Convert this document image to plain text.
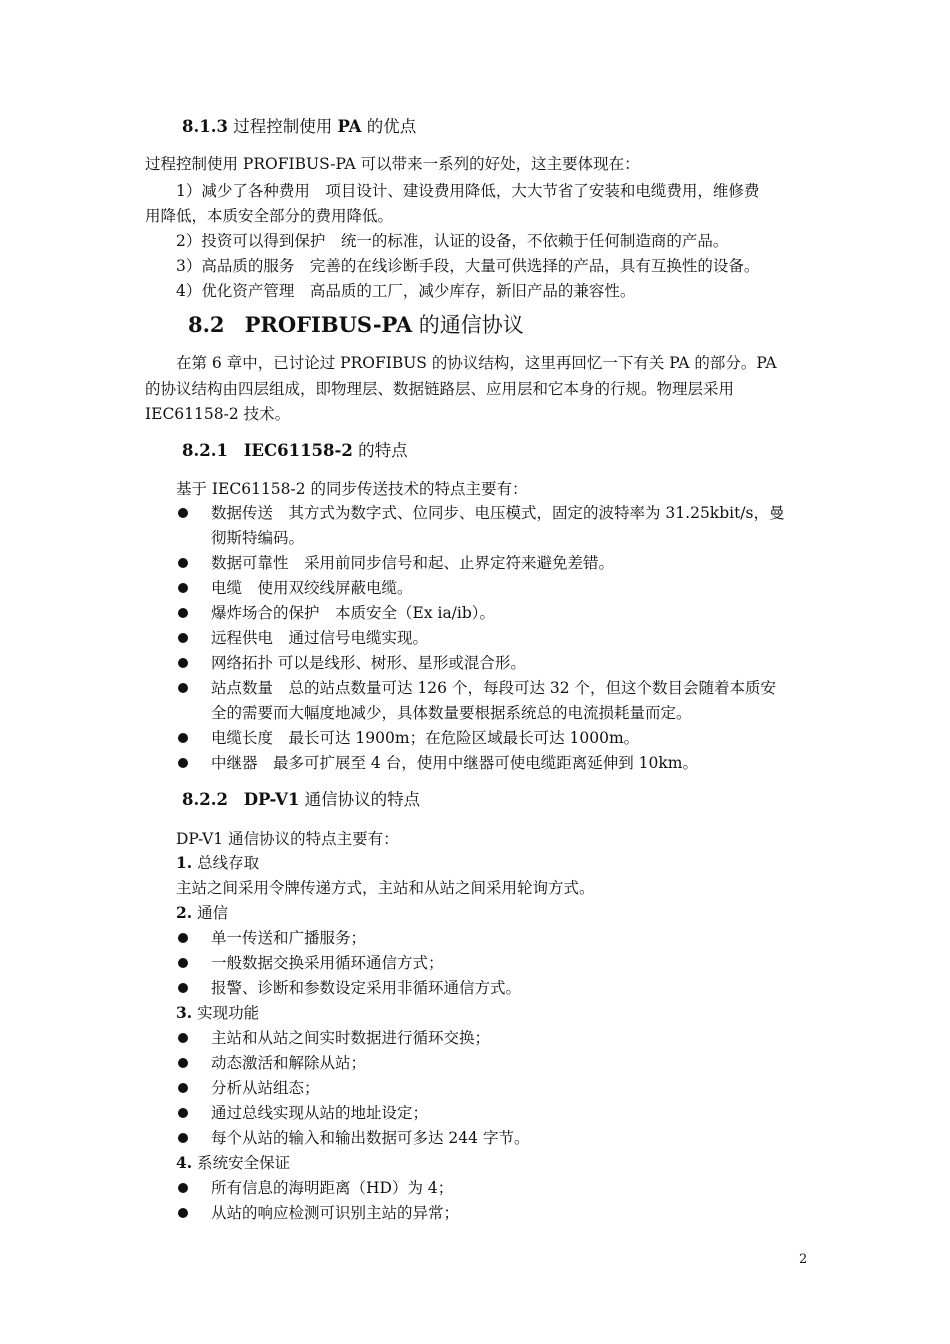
8.1.3 过程控制使用 PA 的优点
过程控制使用 PROFIBUS-PA 可以带来一系列的好处，这主要体现在：
1）减少了各种费用　项目设计、建设费用降低，大大节省了安装和电缆费用，维修费
用降低，本质安全部分的费用降低。
2）投资可以得到保护　统一的标准，认证的设备，不依赖于任何制造商的产品。
3）高品质的服务　完善的在线诊断手段，大量可供选择的产品，具有互换性的设备。
4）优化资产管理　高品质的工厂，减少库存，新旧产品的兼容性。
8.2 PROFIBUS-PA 的通信协议
在第 6 章中，已讨论过 PROFIBUS 的协议结构，这里再回忆一下有关 PA 的部分。PA
的协议结构由四层组成，即物理层、数据链路层、应用层和它本身的行规。物理层采用
IEC61158-2 技术。
8.2.1 IEC61158-2 的特点
基于 IEC61158-2 的同步传送技术的特点主要有：
数据传送　其方式为数字式、位同步、电压模式，固定的波特率为 31.25kbit/s，曼
彻斯特编码。
数据可靠性　采用前同步信号和起、止界定符来避免差错。
电缆　使用双绞线屏蔽电缆。
爆炸场合的保护　本质安全（Ex ia/ib）。
远程供电　通过信号电缆实现。
网络拓扑 可以是线形、树形、星形或混合形。
站点数量　总的站点数量可达 126 个，每段可达 32 个，但这个数目会随着本质安
全的需要而大幅度地减少，具体数量要根据系统总的电流损耗量而定。
电缆长度　最长可达 1900m；在危险区域最长可达 1000m。
中继器　最多可扩展至 4 台，使用中继器可使电缆距离延伸到 10km。
8.2.2 DP-V1 通信协议的特点
DP-V1 通信协议的特点主要有：
1. 总线存取
主站之间采用令牌传递方式，主站和从站之间采用轮询方式。
2. 通信
单一传送和广播服务；
一般数据交换采用循环通信方式；
报警、诊断和参数设定采用非循环通信方式。
3. 实现功能
主站和从站之间实时数据进行循环交换；
动态激活和解除从站；
分析从站组态；
通过总线实现从站的地址设定；
每个从站的输入和输出数据可多达 244 字节。
4. 系统安全保证
所有信息的海明距离（HD）为 4；
从站的响应检测可识别主站的异常；
2
